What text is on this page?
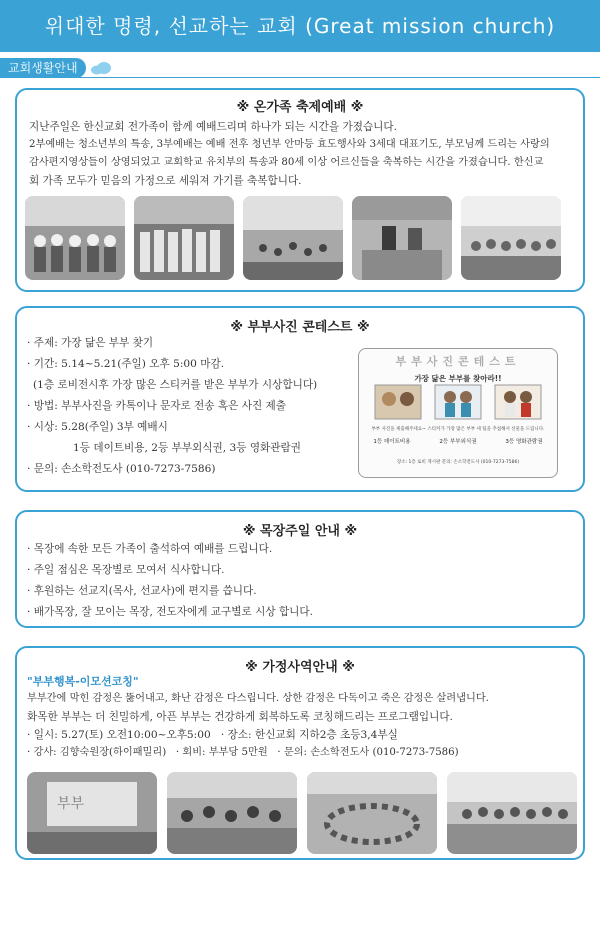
위대한 명령, 선교하는 교회 (Great mission church)
교회생활안내
※ 온가족 축제예배 ※

지난주일은 한신교회 전가족이 함께 예배드리며 하나가 되는 시간을 가졌습니다.

2부예배는 청소년부의 특송, 3부예배는 예배 전후 청년부 안마등 효도행사와 3세대 대표기도, 부모님께 드리는 사랑의

감사편지영상들이 상영되었고 교회학교 유치부의 특송과 80세 이상 어르신들을 축복하는 시간을 가졌습니다. 한신교

회 가족 모두가 믿음의 가정으로 세워져 가기를 축복합니다.

※ 부부사진 콘테스트 ※

· 주제: 가장 닮은 부부 찾기

· 기간: 5.14~5.21(주일) 오후 5:00 마감.

(1층 로비전시후 가장 많은 스티커를 받은 부부가 시상합니다)

· 방법: 부부사진을 카톡이나 문자로 전송 혹은 사진 제출

· 시상: 5.28(주일) 3부 예배시

1등 데이트비용, 2등 부부외식권, 3등 영화관람권

· 문의: 손소학전도사 (010-7273-7586)

부부사진콘테스트
가장 닮은 부부를 찾아라!!
부부 사진을 제출해주세요~ 스티커가 가장 많은 부부 세 팀을 추첨해서 선물을 드립니다.
1등 데이트비용	2등 부부외식권	3등 영화관람권
장소: 1층 로비 게시판 문의: 손소학전도사 (010-7273-7586)
※ 목장주일 안내 ※

· 목장에 속한 모든 가족이 출석하여 예배를 드립니다.

· 주일 점심은 목장별로 모여서 식사합니다.

· 후원하는 선교지(목사, 선교사)에 편지를 씁니다.

· 배가목장, 잘 모이는 목장, 전도자에게 교구별로 시상 합니다.

※ 가정사역안내 ※
"부부행복-이모션코칭"

부부간에 막힌 감정은 뚫어내고, 화난 감정은 다스립니다. 상한 감정은 다독이고 죽은 감정은 살려냅니다.

화목한 부부는 더 친밀하게, 아픈 부부는 건강하게 회복하도록 코칭해드리는 프로그램입니다.

· 일시: 5.27(토) 오전10:00~오후5:00   · 장소: 한신교회 지하2층 초등3,4부실

· 강사: 김향숙원장(하이패밀리)   · 회비: 부부당 5만원   · 문의: 손소학전도사 (010-7273-7586)

부부
